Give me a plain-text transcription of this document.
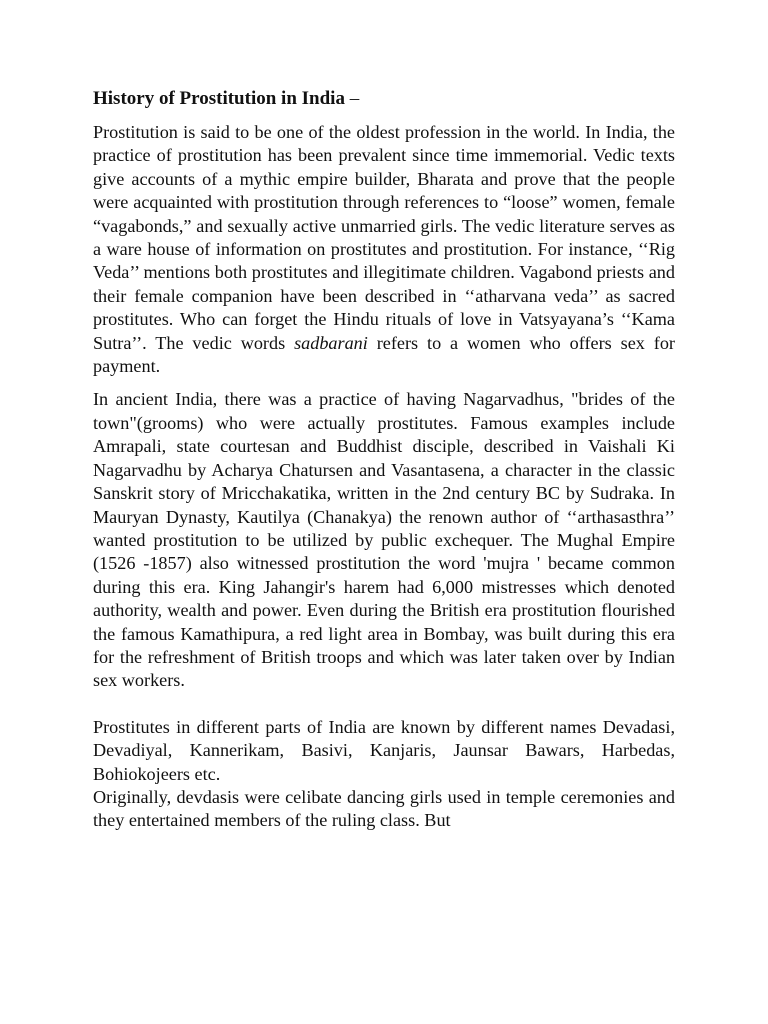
History of Prostitution in India –

Prostitution is said to be one of the oldest profession in the world. In India, the practice of prostitution has been prevalent since time immemorial. Vedic texts give accounts of a mythic empire builder, Bharata and prove that the people were acquainted with prostitution through references to “loose” women, female “vagabonds,” and sexually active unmarried girls. The vedic literature serves as a ware house of information on prostitutes and prostitution. For instance, ‘‘Rig Veda’’ mentions both prostitutes and illegitimate children. Vagabond priests and their female companion have been described in ‘‘atharvana veda’’ as sacred prostitutes. Who can forget the Hindu rituals of love in Vatsyayana’s ‘‘Kama Sutra’’. The vedic words sadbarani refers to a women who offers sex for payment.

In ancient India, there was a practice of having Nagarvadhus, "brides of the town"(grooms) who were actually prostitutes. Famous examples include Amrapali, state courtesan and Buddhist disciple, described in Vaishali Ki Nagarvadhu by Acharya Chatursen and Vasantasena, a character in the classic Sanskrit story of Mricchakatika, written in the 2nd century BC by Sudraka. In Mauryan Dynasty, Kautilya (Chanakya) the renown author of ‘‘arthasasthra’’ wanted prostitution to be utilized by public exchequer. The Mughal Empire (1526 -1857) also witnessed prostitution the word 'mujra ' became common during this era. King Jahangir's harem had 6,000 mistresses which denoted authority, wealth and power. Even during the British era prostitution flourished the famous Kamathipura, a red light area in Bombay, was built during this era for the refreshment of British troops and which was later taken over by Indian sex workers.

Prostitutes in different parts of India are known by different names Devadasi, Devadiyal, Kannerikam, Basivi, Kanjaris, Jaunsar Bawars, Harbedas, Bohiokojeers etc.

Originally, devdasis were celibate dancing girls used in temple ceremonies and they entertained members of the ruling class. But
